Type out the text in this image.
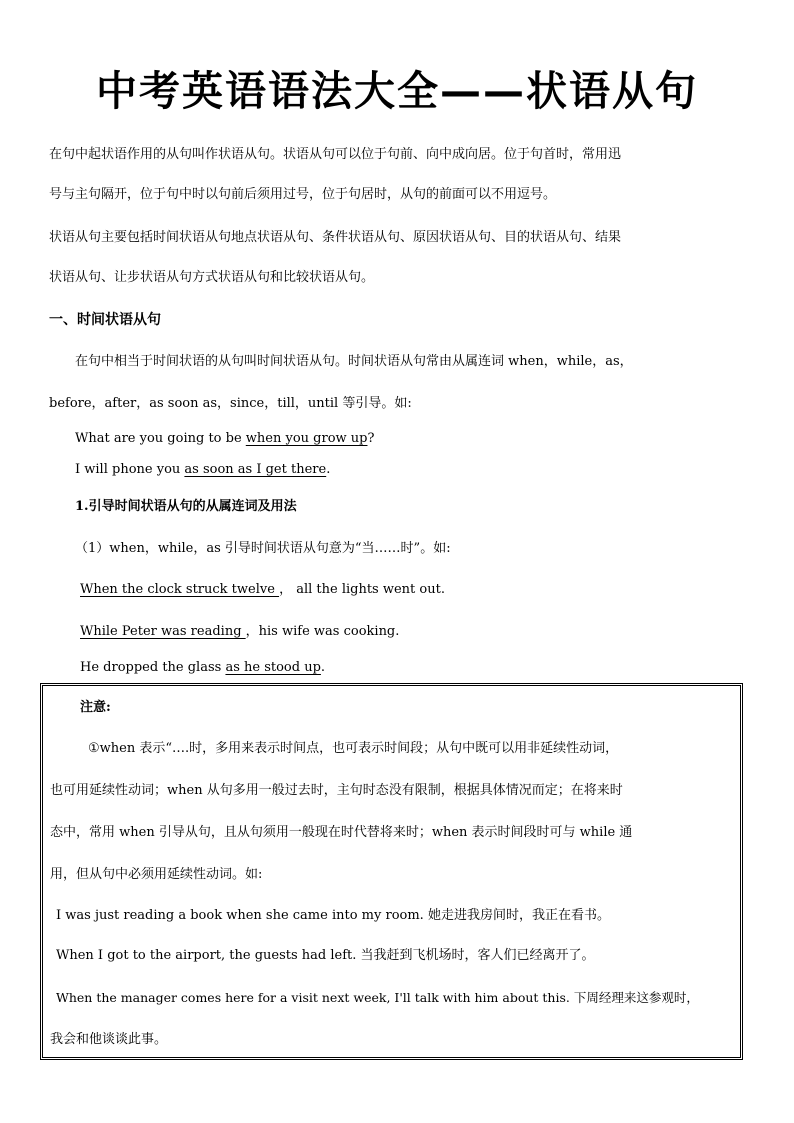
中考英语语法大全——状语从句
在句中起状语作用的从句叫作状语从句。状语从句可以位于句前、向中成向居。位于句首时，常用迅
号与主句隔开，位于句中时以句前后须用过号，位于句居时，从句的前面可以不用逗号。
状语从句主要包括时间状语从句地点状语从句、条件状语从句、原因状语从句、目的状语从句、结果
状语从句、让步状语从句方式状语从句和比较状语从句。
一、时间状语从句
在句中相当于时间状语的从句叫时间状语从句。时间状语从句常由从属连词 when，while，as，
before，after，as soon as，since，till，until 等引导。如:
What are you going to be when you grow up?
I will phone you as soon as I get there.
1.引导时间状语从句的从属连词及用法
（1）when，while，as 引导时间状语从句意为“当……时”。如:
When the clock struck twelve ， all the lights went out.
While Peter was reading ，his wife was cooking.
He dropped the glass as he stood up.
注意:
①when 表示“….时，多用来表示时间点，也可表示时间段；从句中既可以用非延续性动词，
也可用延续性动词；when 从句多用一般过去时，主句时态没有限制，根据具体情况而定；在将来时
态中，常用 when 引导从句，且从句须用一般现在时代替将来时；when 表示时间段时可与 while 通
用，但从句中必须用延续性动词。如:
I was just reading a book when she came into my room. 她走进我房间时，我正在看书。
When I got to the airport, the guests had left. 当我赶到飞机场时，客人们已经离开了。
When the manager comes here for a visit next week, I'll talk with him about this. 下周经理来这参观时，
我会和他谈谈此事。
